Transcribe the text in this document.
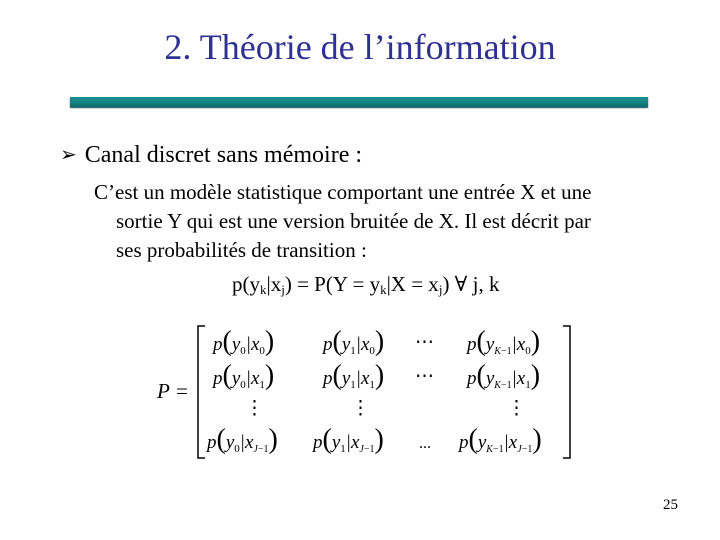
2. Théorie de l’information
➢ Canal discret sans mémoire :
C’est un modèle statistique comportant une entrée X et une
sortie Y qui est une version bruitée de X. Il est décrit par
ses probabilités de transition :
$p(y_k|x_j) = P(Y = y_k|X = x_j)$ ∀ j, k
P =
$p(y_0|x_0)$	$p(y_1|x_0)$ ⋯ $p(y_K-1|x_0)$
$p(y_0|x_1)$	$p(y_1|x_1)$ ⋯ $p(y_K-1|x_1)$
⋮	⋮	⋮
$p(y_0|x_J-1)$ $p(y_1|x_J-1)$ ... $p(y_K-1|x_J-1)$
25
